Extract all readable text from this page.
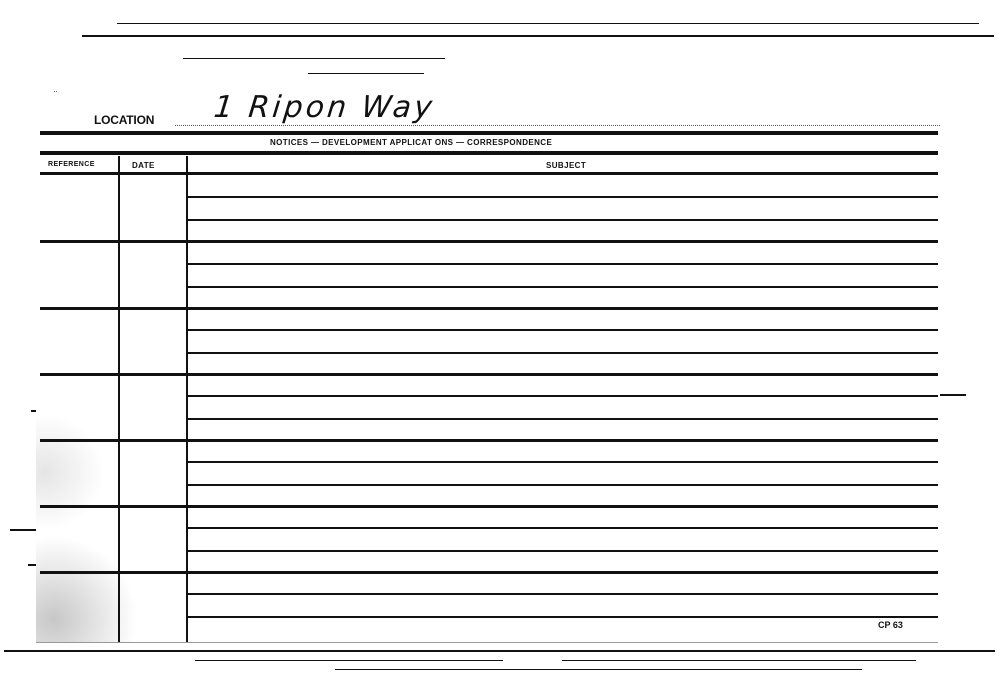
¨
LOCATION 1 Ripon Way
NOTICES — DEVELOPMENT APPLICAT ONS — CORRESPONDENCE
REFERENCE	DATE	SUBJECT
CP 63
